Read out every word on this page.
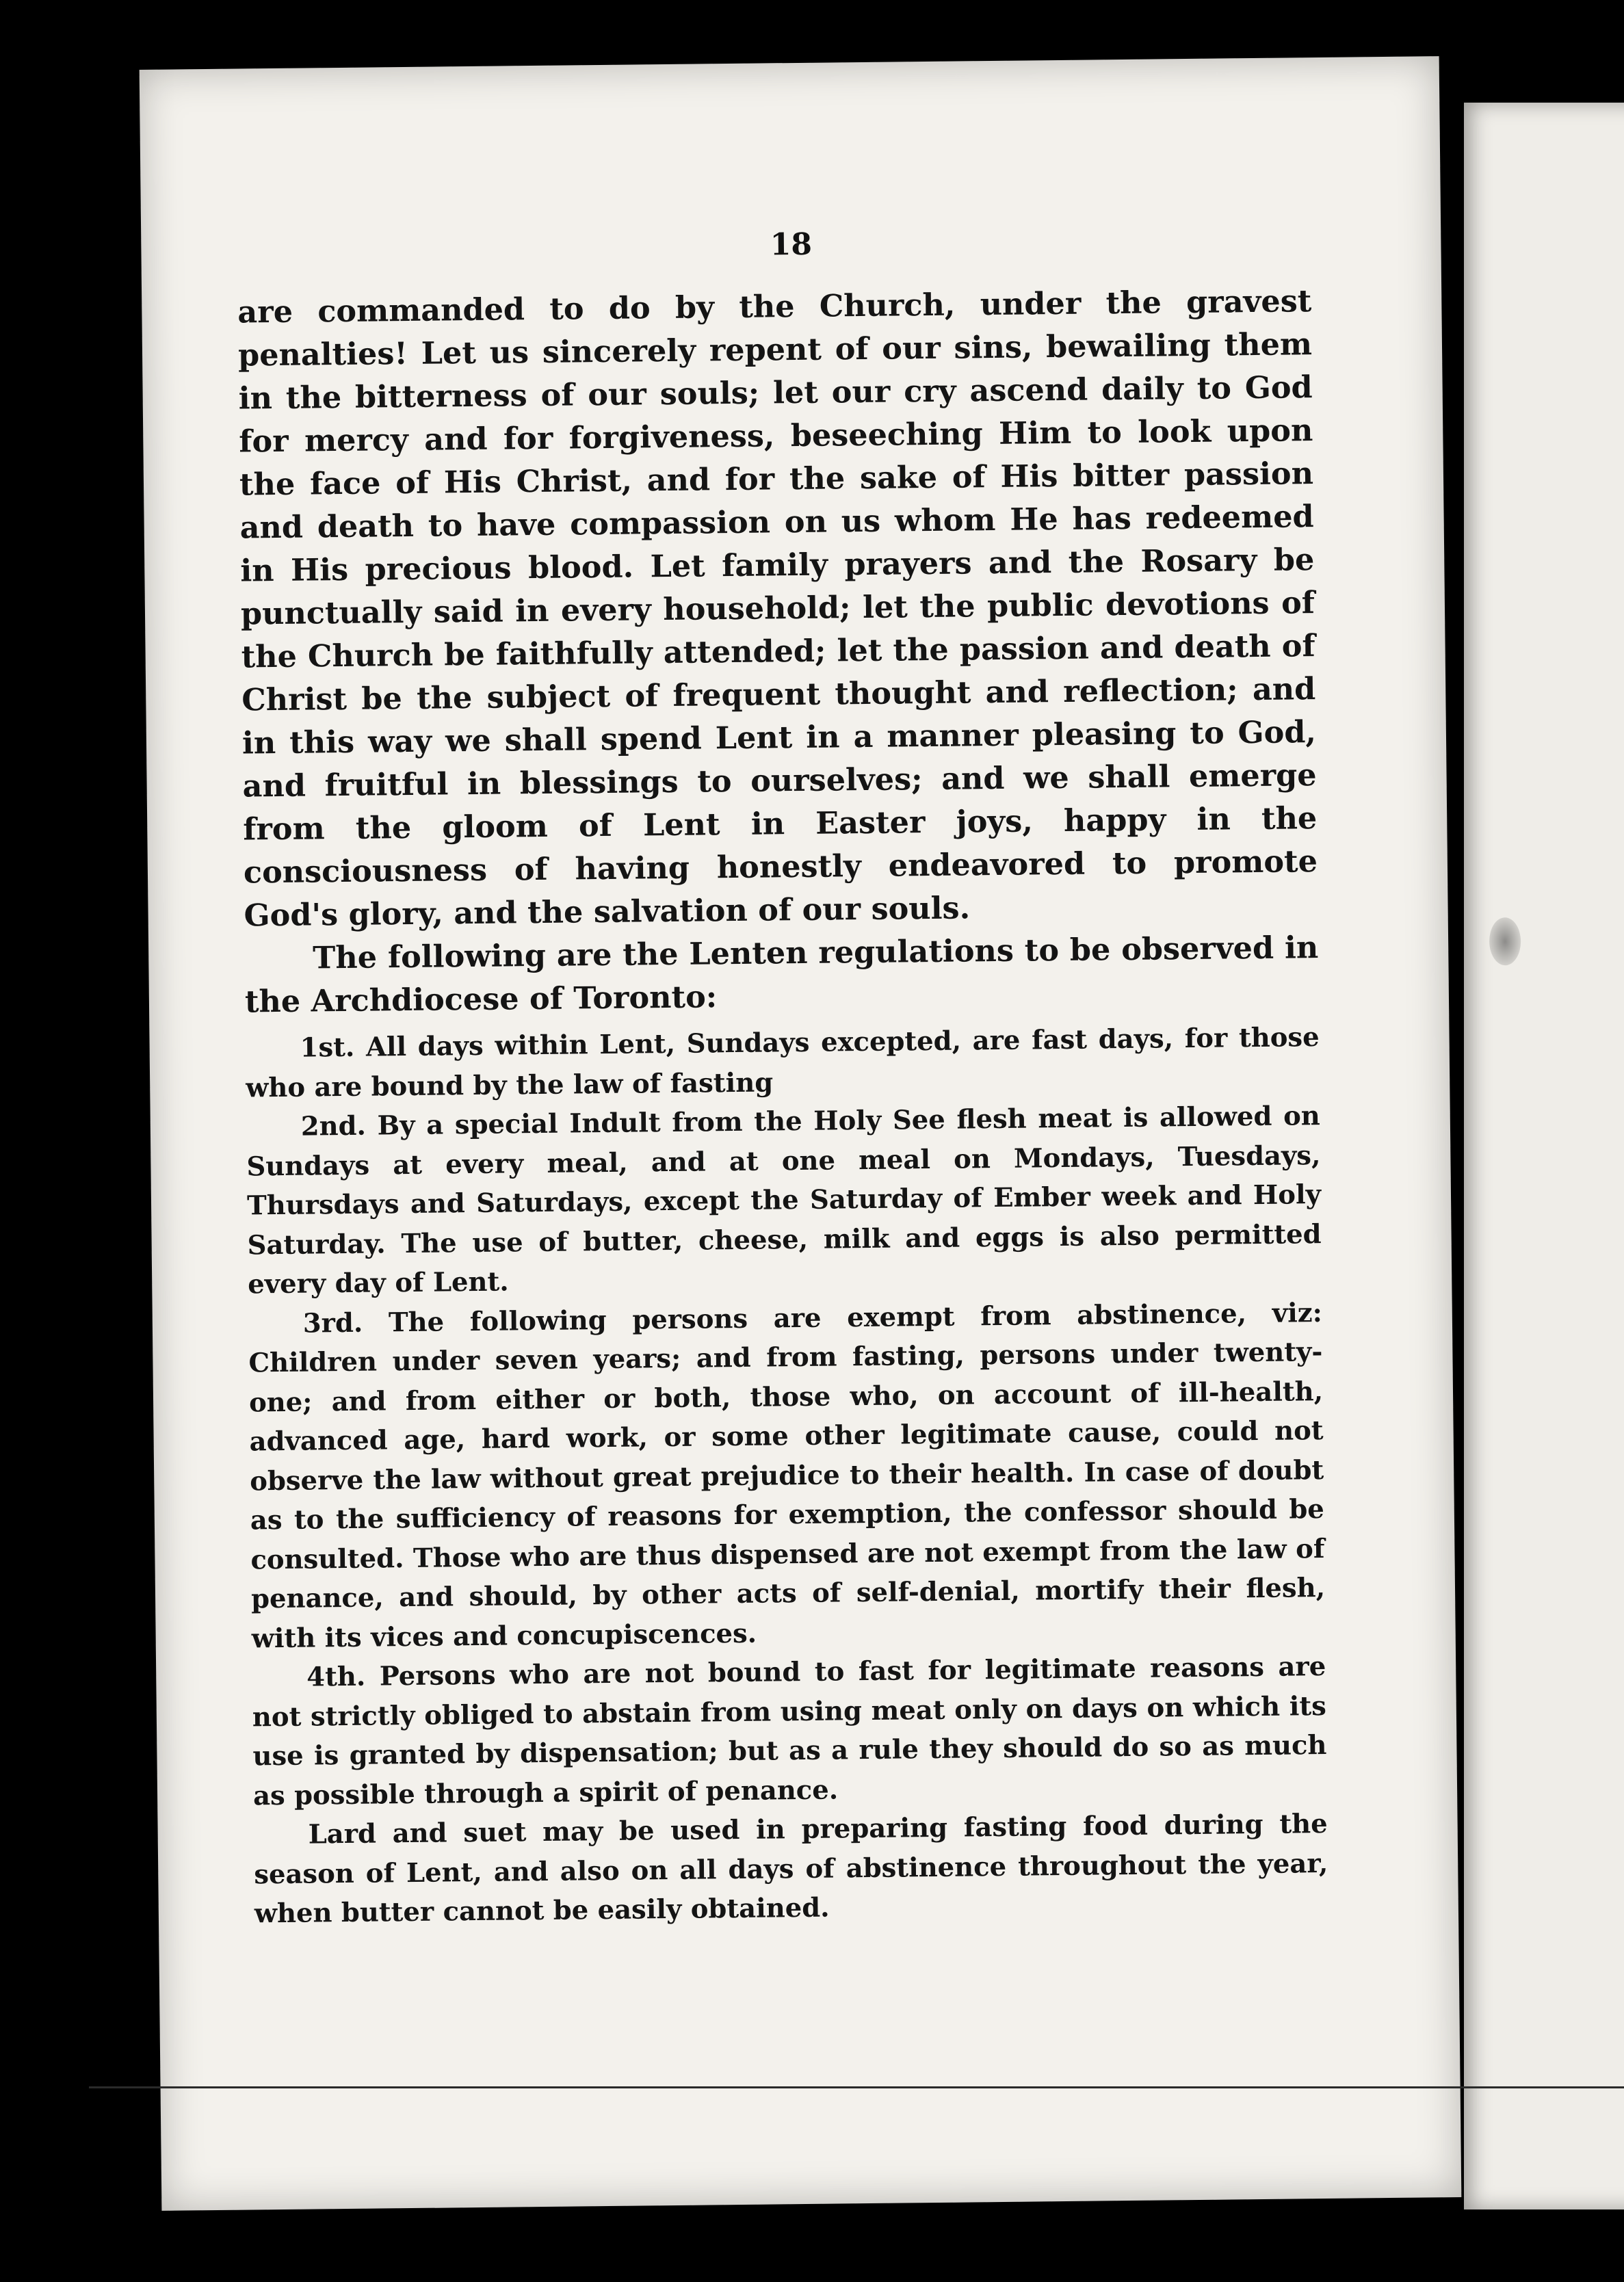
18

are commanded to do by the Church, under the gravest penalties! Let us sincerely repent of our sins, bewailing them in the bitterness of our souls; let our cry ascend daily to God for mercy and for forgiveness, beseeching Him to look upon the face of His Christ, and for the sake of His bitter passion and death to have compassion on us whom He has redeemed in His precious blood. Let family prayers and the Rosary be punctually said in every household; let the public devotions of the Church be faithfully attended; let the passion and death of Christ be the subject of frequent thought and reflection; and in this way we shall spend Lent in a manner pleasing to God, and fruitful in blessings to ourselves; and we shall emerge from the gloom of Lent in Easter joys, happy in the consciousness of having honestly endeavored to promote God's glory, and the salvation of our souls.

The following are the Lenten regulations to be observed in the Archdiocese of Toronto:

1st. All days within Lent, Sundays excepted, are fast days, for those who are bound by the law of fasting

2nd. By a special Indult from the Holy See flesh meat is allowed on Sundays at every meal, and at one meal on Mondays, Tuesdays, Thursdays and Saturdays, except the Saturday of Ember week and Holy Saturday. The use of butter, cheese, milk and eggs is also permitted every day of Lent.

3rd. The following persons are exempt from abstinence, viz: Children under seven years; and from fasting, persons under twenty-one; and from either or both, those who, on account of ill-health, advanced age, hard work, or some other legitimate cause, could not observe the law without great prejudice to their health. In case of doubt as to the sufficiency of reasons for exemption, the confessor should be consulted. Those who are thus dispensed are not exempt from the law of penance, and should, by other acts of self-denial, mortify their flesh, with its vices and concupiscences.

4th. Persons who are not bound to fast for legitimate reasons are not strictly obliged to abstain from using meat only on days on which its use is granted by dispensation; but as a rule they should do so as much as possible through a spirit of penance.

Lard and suet may be used in preparing fasting food during the season of Lent, and also on all days of abstinence throughout the year, when butter cannot be easily obtained.
